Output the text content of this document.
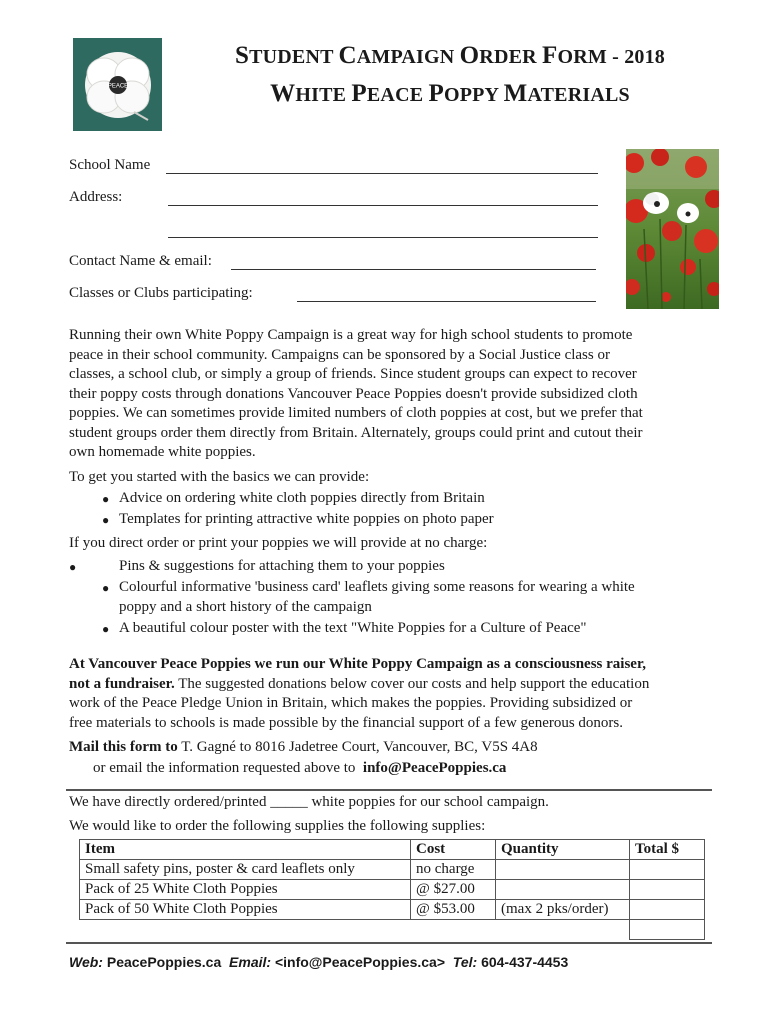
PEACE
STUDENT CAMPAIGN ORDER FORM - 2018
WHITE PEACE POPPY MATERIALS
School Name
Address:
Contact Name & email:
Classes or Clubs participating:
Running their own White Poppy Campaign is a great way for high school students to promote
peace in their school community. Campaigns can be sponsored by a Social Justice class or
classes, a school club, or simply a group of friends. Since student groups can expect to recover
their poppy costs through donations Vancouver Peace Poppies doesn't provide subsidized cloth
poppies. We can sometimes provide limited numbers of cloth poppies at cost, but we prefer that
student groups order them directly from Britain. Alternately, groups could print and cutout their
own homemade white poppies.
To get you started with the basics we can provide:
● Advice on ordering white cloth poppies directly from Britain
● Templates for printing attractive white poppies on photo paper
If you direct order or print your poppies we will provide at no charge:
●	Pins & suggestions for attaching them to your poppies
● Colourful informative 'business card' leaflets giving some reasons for wearing a white
poppy and a short history of the campaign
● A beautiful colour poster with the text "White Poppies for a Culture of Peace"
At Vancouver Peace Poppies we run our White Poppy Campaign as a consciousness raiser,
not a fundraiser. The suggested donations below cover our costs and help support the education
work of the Peace Pledge Union in Britain, which makes the poppies. Providing subsidized or
free materials to schools is made possible by the financial support of a few generous donors.
Mail this form to T. Gagné to 8016 Jadetree Court, Vancouver, BC, V5S 4A8
or email the information requested above to info@PeacePoppies.ca
We have directly ordered/printed _____ white poppies for our school campaign.
We would like to order the following supplies the following supplies:
Item	Cost	Quantity	Total $
Small safety pins, poster & card leaflets only	no charge		
Pack of 25 White Cloth Poppies	@ $27.00		
Pack of 50 White Cloth Poppies	@ $53.00	(max 2 pks/order)	

Web: PeacePoppies.ca Email: <info@PeacePoppies.ca> Tel: 604-437-4453
